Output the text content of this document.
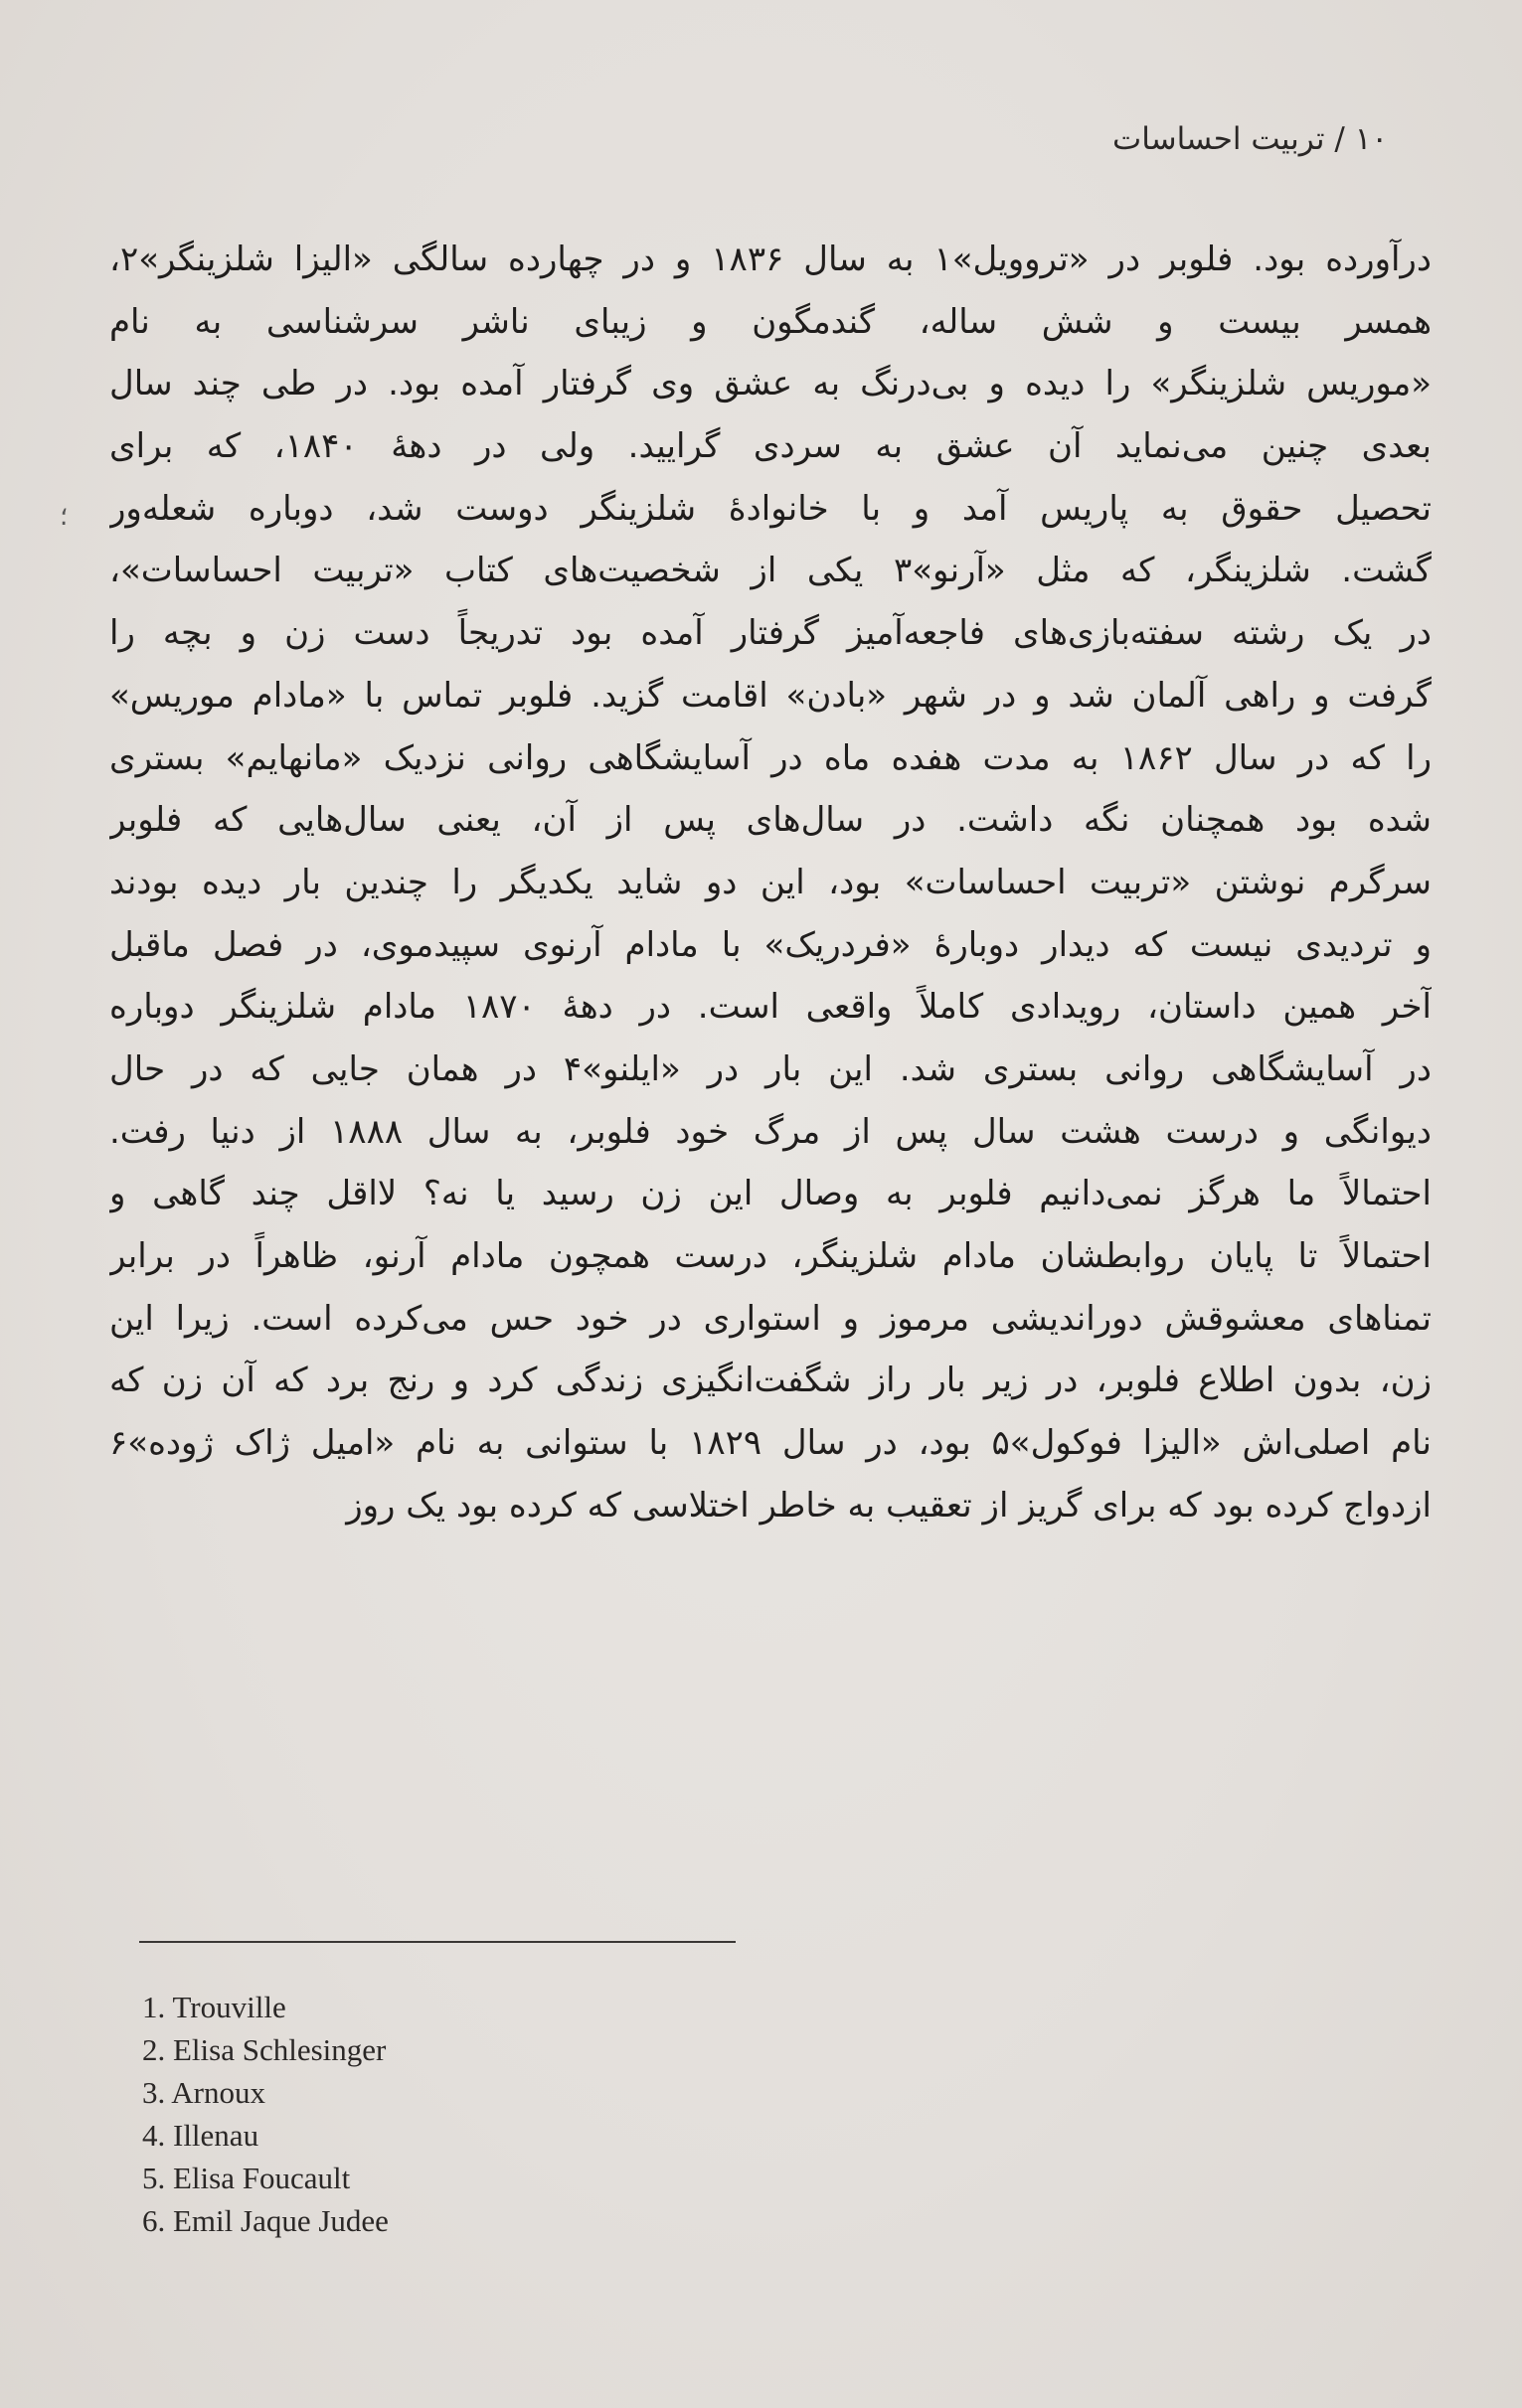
۱۰ / تربیت احساسات
؛
درآورده بود. فلوبر در «تروویل»۱ به سال ۱۸۳۶ و در چهارده سالگی «الیزا شلزینگر»۲،
همسر بیست و شش ساله، گندمگون و زیبای ناشر سرشناسی به نام
«موریس شلزینگر» را دیده و بی‌درنگ به عشق وی گرفتار آمده بود. در طی چند سال
بعدی چنین می‌نماید آن عشق به سردی گرایید. ولی در دههٔ ۱۸۴۰، که برای
تحصیل حقوق به پاریس آمد و با خانوادهٔ شلزینگر دوست شد، دوباره شعله‌ور
گشت. شلزینگر، که مثل «آرنو»۳ یکی از شخصیت‌های کتاب «تربیت احساسات»،
در یک رشته سفته‌بازی‌های فاجعه‌آمیز گرفتار آمده بود تدریجاً دست زن و بچه را
گرفت و راهی آلمان شد و در شهر «بادن» اقامت گزید. فلوبر تماس با «مادام موریس»
را که در سال ۱۸۶۲ به مدت هفده ماه در آسایشگاهی روانی نزدیک «مانهایم» بستری
شده بود همچنان نگه داشت. در سال‌های پس از آن، یعنی سال‌هایی که فلوبر
سرگرم نوشتن «تربیت احساسات» بود، این دو شاید یکدیگر را چندین بار دیده بودند
و تردیدی نیست که دیدار دوبارهٔ «فردریک» با مادام آرنوی سپیدموی، در فصل ماقبل
آخر همین داستان، رویدادی کاملاً واقعی است. در دههٔ ۱۸۷۰ مادام شلزینگر دوباره
در آسایشگاهی روانی بستری شد. این بار در «ایلنو»۴ در همان جایی که در حال
دیوانگی و درست هشت سال پس از مرگ خود فلوبر، به سال ۱۸۸۸ از دنیا رفت.
احتمالاً ما هرگز نمی‌دانیم فلوبر به وصال این زن رسید یا نه؟ لااقل چند گاهی و
احتمالاً تا پایان روابطشان مادام شلزینگر، درست همچون مادام آرنو، ظاهراً در برابر
تمناهای معشوقش دوراندیشی مرموز و استواری در خود حس می‌کرده است. زیرا این
زن، بدون اطلاع فلوبر، در زیر بار راز شگفت‌انگیزی زندگی کرد و رنج برد که آن زن که
نام اصلی‌اش «الیزا فوکول»۵ بود، در سال ۱۸۲۹ با ستوانی به نام «امیل ژاک ژوده»۶
ازدواج کرده بود که برای گریز از تعقیب به خاطر اختلاسی که کرده بود یک روز
1. Trouville
2. Elisa Schlesinger
3. Arnoux
4. Illenau
5. Elisa Foucault
6. Emil Jaque Judee
